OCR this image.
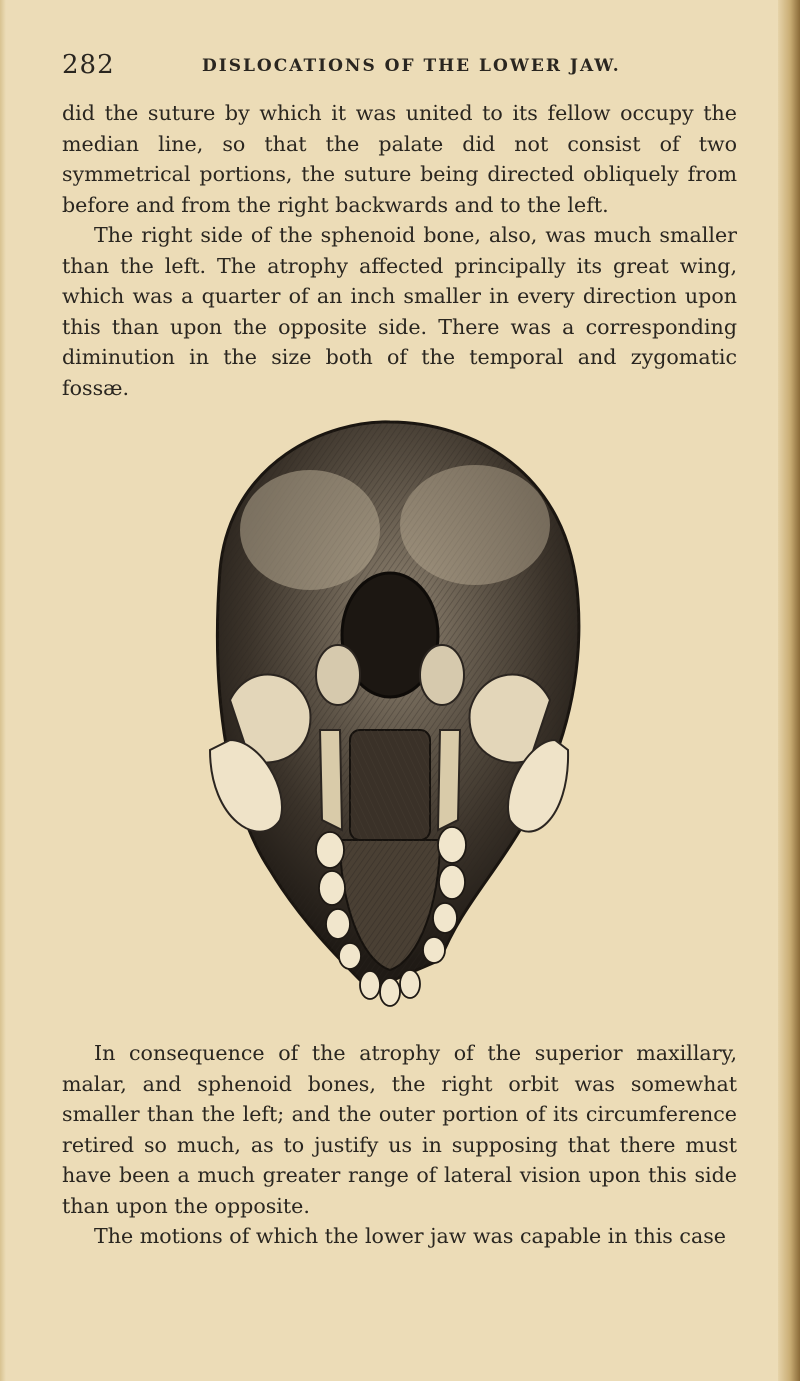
282	DISLOCATIONS OF THE LOWER JAW.

did the suture by which it was united to its fellow occupy the median line, so that the palate did not consist of two symmetrical portions, the suture being directed obliquely from before and from the right backwards and to the left.

The right side of the sphenoid bone, also, was much smaller than the left. The atrophy affected principally its great wing, which was a quarter of an inch smaller in every direction upon this than upon the opposite side. There was a corresponding diminution in the size both of the temporal and zygomatic fossæ.

In consequence of the atrophy of the superior maxillary, malar, and sphenoid bones, the right orbit was somewhat smaller than the left; and the outer portion of its circumference retired so much, as to justify us in supposing that there must have been a much greater range of lateral vision upon this side than upon the opposite.

The motions of which the lower jaw was capable in this case
